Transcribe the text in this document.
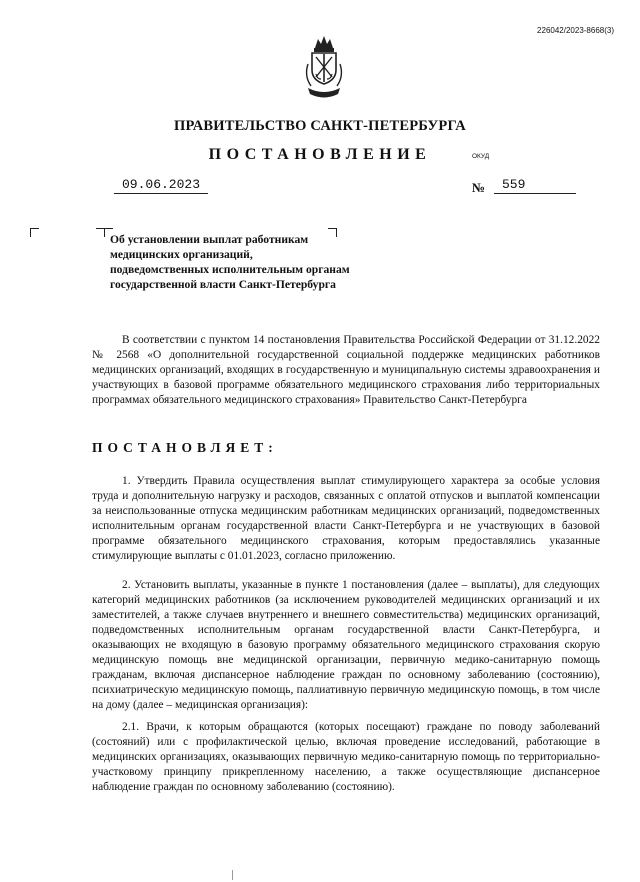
226042/2023-8668(3)
ПРАВИТЕЛЬСТВО САНКТ-ПЕТЕРБУРГА
ПОСТАНОВЛЕНИЕ	ОКУД
09.06.2023	№	559
Об установлении выплат работникам медицинских организаций, подведомственных исполнительным органам государственной власти Санкт-Петербурга
В соответствии с пунктом 14 постановления Правительства Российской Федерации от 31.12.2022 № 2568 «О дополнительной государственной социальной поддержке медицинских работников медицинских организаций, входящих в государственную и муниципальную системы здравоохранения и участвующих в базовой программе обязательного медицинского страхования либо территориальных программах обязательного медицинского страхования» Правительство Санкт-Петербурга
ПОСТАНОВЛЯЕТ:
1. Утвердить Правила осуществления выплат стимулирующего характера за особые условия труда и дополнительную нагрузку и расходов, связанных с оплатой отпусков и выплатой компенсации за неиспользованные отпуска медицинским работникам медицинских организаций, подведомственных исполнительным органам государственной власти Санкт-Петербурга и не участвующих в базовой программе обязательного медицинского страхования, которым предоставлялись указанные стимулирующие выплаты с 01.01.2023, согласно приложению.
2. Установить выплаты, указанные в пункте 1 постановления (далее – выплаты), для следующих категорий медицинских работников (за исключением руководителей медицинских организаций и их заместителей, а также случаев внутреннего и внешнего совместительства) медицинских организаций, подведомственных исполнительным органам государственной власти Санкт-Петербурга, и оказывающих не входящую в базовую программу обязательного медицинского страхования скорую медицинскую помощь вне медицинской организации, первичную медико-санитарную помощь гражданам, включая диспансерное наблюдение граждан по основному заболеванию (состоянию), психиатрическую медицинскую помощь, паллиативную первичную медицинскую помощь, в том числе на дому (далее – медицинская организация):
2.1. Врачи, к которым обращаются (которых посещают) граждане по поводу заболеваний (состояний) или с профилактической целью, включая проведение исследований, работающие в медицинских организациях, оказывающих первичную медико-санитарную помощь по территориально-участковому принципу прикрепленному населению, а также осуществляющие диспансерное наблюдение граждан по основному заболеванию (состоянию).
